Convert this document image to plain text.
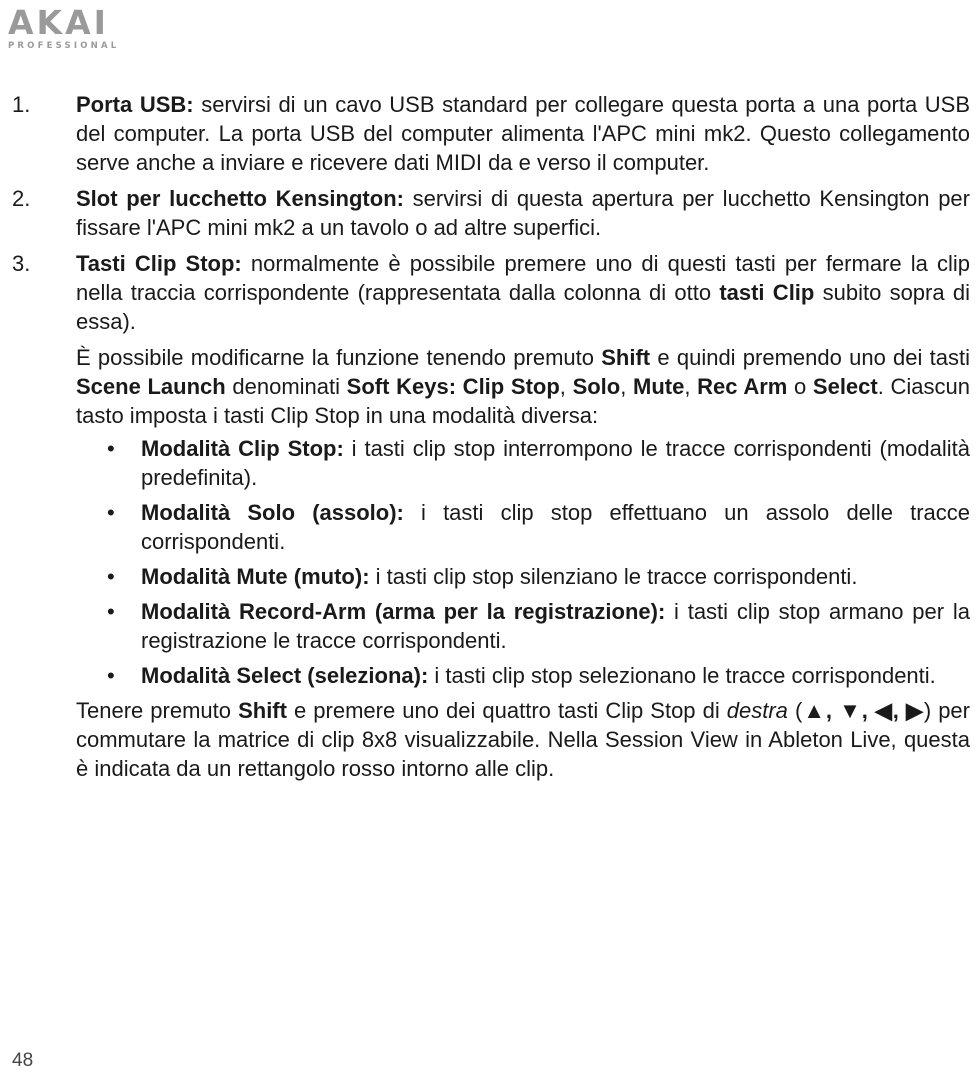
AKAI
PROFESSIONAL
1. Porta USB: servirsi di un cavo USB standard per collegare questa porta a una porta USB del computer. La porta USB del computer alimenta l'APC mini mk2. Questo collegamento serve anche a inviare e ricevere dati MIDI da e verso il computer.

2. Slot per lucchetto Kensington: servirsi di questa apertura per lucchetto Kensington per fissare l'APC mini mk2 a un tavolo o ad altre superfici.

3. Tasti Clip Stop: normalmente è possibile premere uno di questi tasti per fermare la clip nella traccia corrispondente (rappresentata dalla colonna di otto tasti Clip subito sopra di essa).

È possibile modificarne la funzione tenendo premuto Shift e quindi premendo uno dei tasti Scene Launch denominati Soft Keys: Clip Stop, Solo, Mute, Rec Arm o Select. Ciascun tasto imposta i tasti Clip Stop in una modalità diversa:

• Modalità Clip Stop: i tasti clip stop interrompono le tracce corrispondenti (modalità predefinita).
• Modalità Solo (assolo): i tasti clip stop effettuano un assolo delle tracce corrispondenti.
• Modalità Mute (muto): i tasti clip stop silenziano le tracce corrispondenti.
• Modalità Record-Arm (arma per la registrazione): i tasti clip stop armano per la registrazione le tracce corrispondenti.
• Modalità Select (seleziona): i tasti clip stop selezionano le tracce corrispondenti.

Tenere premuto Shift e premere uno dei quattro tasti Clip Stop di destra (▲, ▼, ◀, ▶) per commutare la matrice di clip 8x8 visualizzabile. Nella Session View in Ableton Live, questa è indicata da un rettangolo rosso intorno alle clip.

48
